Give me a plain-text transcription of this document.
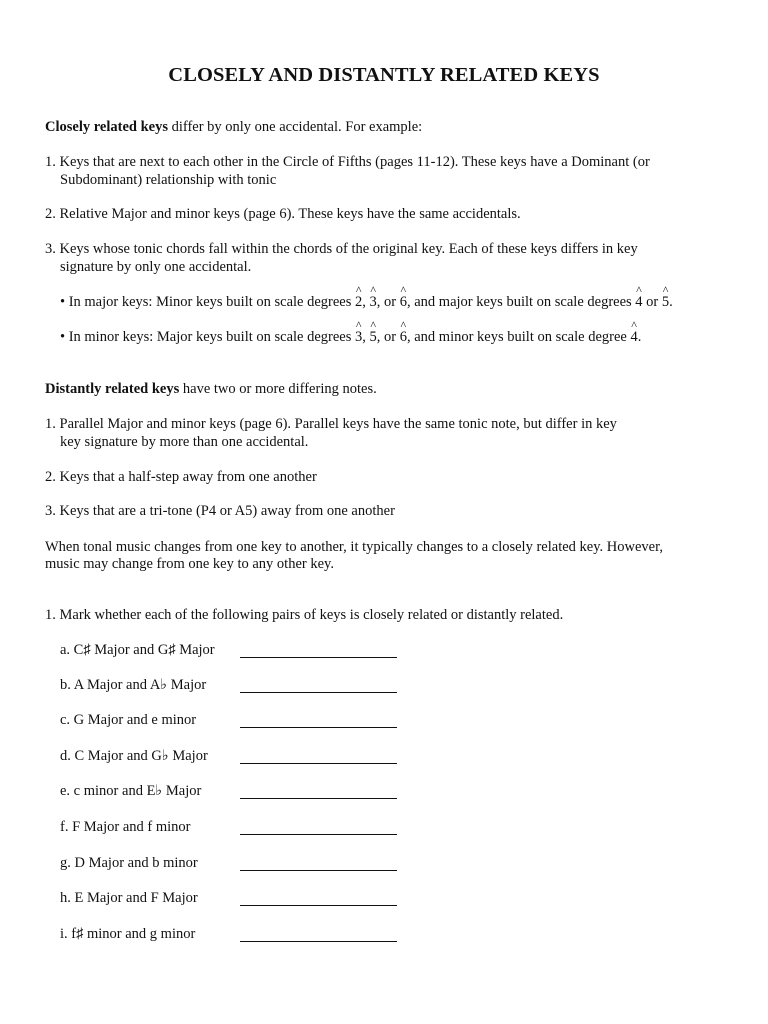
CLOSELY AND DISTANTLY RELATED KEYS
Closely related keys differ by only one accidental. For example:
1. Keys that are next to each other in the Circle of Fifths (pages 11-12). These keys have a Dominant (or
Subdominant) relationship with tonic
2. Relative Major and minor keys (page 6). These keys have the same accidentals.
3. Keys whose tonic chords fall within the chords of the original key. Each of these keys differs in key
signature by only one accidental.
• In major keys: Minor keys built on scale degrees
^
2,
^
3, or
^
6, and major keys built on scale degrees
^
4 or
^
5.
• In minor keys: Major keys built on scale degrees
^
3,
^
5, or
^
6, and minor keys built on scale degree
^
4.
Distantly related keys have two or more differing notes.
1. Parallel Major and minor keys (page 6). Parallel keys have the same tonic note, but differ in key
key signature by more than one accidental.
2. Keys that a half-step away from one another
3. Keys that are a tri-tone (P4 or A5) away from one another
When tonal music changes from one key to another, it typically changes to a closely related key. However,
music may change from one key to any other key.
1. Mark whether each of the following pairs of keys is closely related or distantly related.
a. C♯ Major and G♯ Major
b. A Major and A♭ Major
c. G Major and e minor
d. C Major and G♭ Major
e. c minor and E♭ Major
f. F Major and f minor
g. D Major and b minor
h. E Major and F Major
i. f♯ minor and g minor
